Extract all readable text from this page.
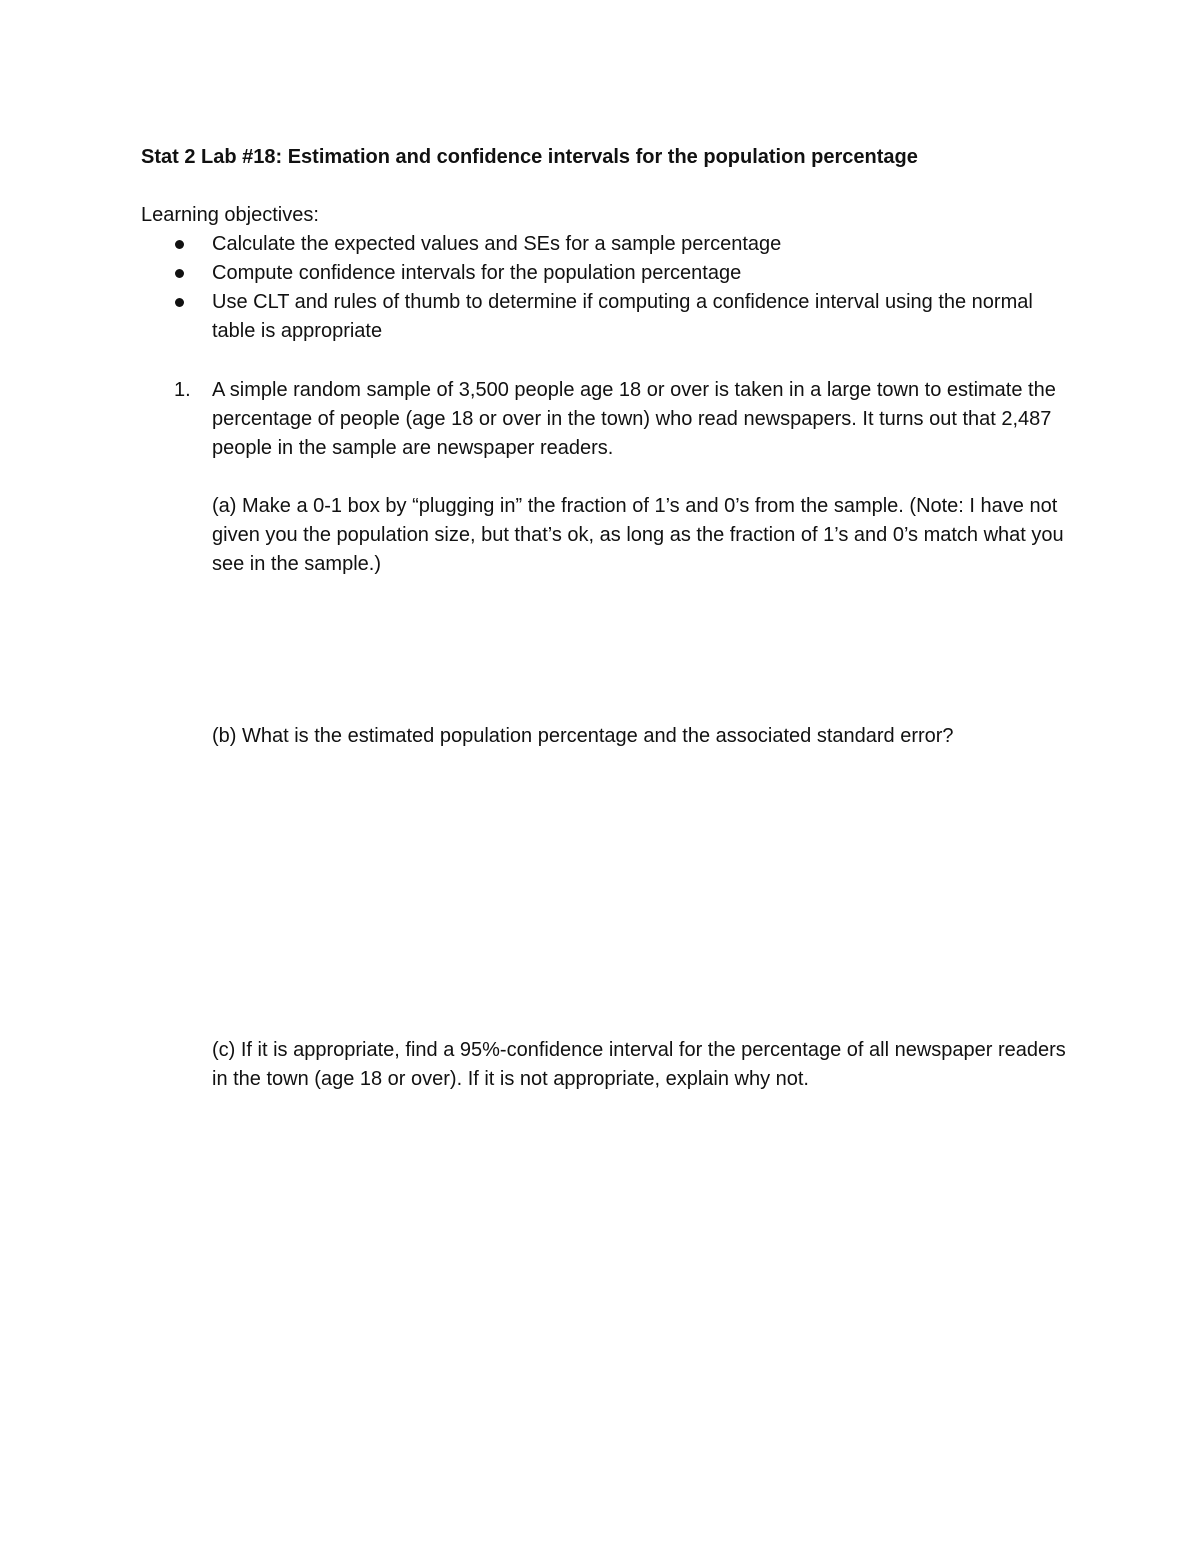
Stat 2 Lab #18: Estimation and confidence intervals for the population percentage

Learning objectives:

Calculate the expected values and SEs for a sample percentage
Compute confidence intervals for the population percentage
Use CLT and rules of thumb to determine if computing a confidence interval using the normal table is appropriate
1. A simple random sample of 3,500 people age 18 or over is taken in a large town to estimate the percentage of people (age 18 or over in the town) who read newspapers. It turns out that 2,487 people in the sample are newspaper readers.

(a) Make a 0-1 box by “plugging in” the fraction of 1’s and 0’s from the sample. (Note: I have not given you the population size, but that’s ok, as long as the fraction of 1’s and 0’s match what you see in the sample.)

(b) What is the estimated population percentage and the associated standard error?

(c) If it is appropriate, find a 95%-confidence interval for the percentage of all newspaper readers in the town (age 18 or over). If it is not appropriate, explain why not.
